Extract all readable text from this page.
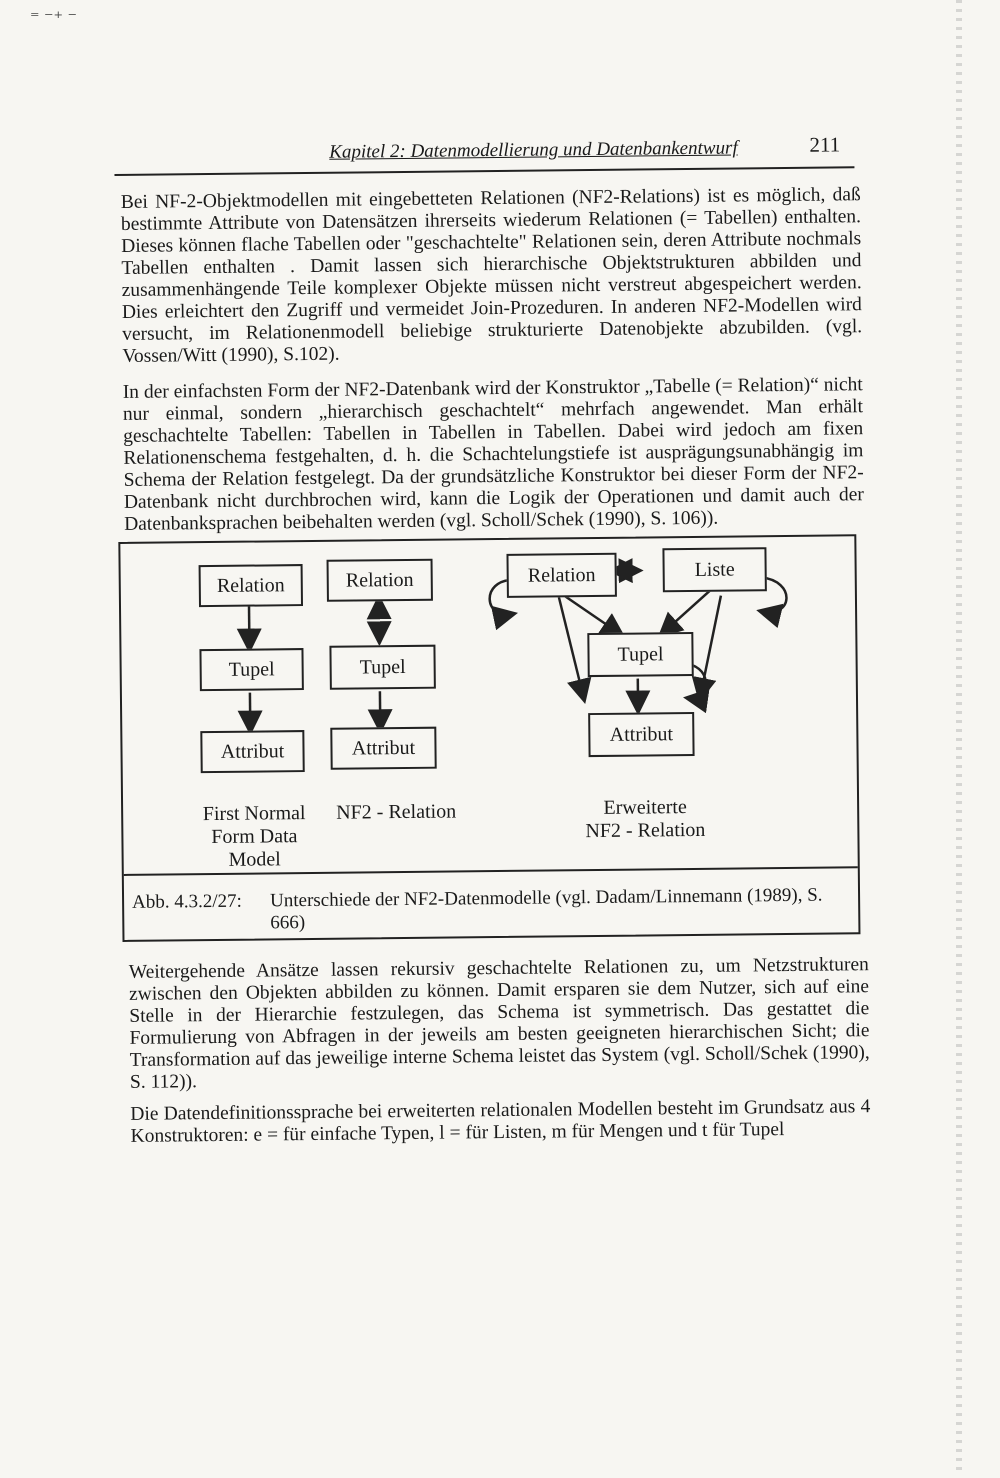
⁼ ⁻⁺ ⁻
Kapitel 2: Datenmodellierung und Datenbankentwurf	211

Bei NF-2-Objektmodellen mit eingebetteten Relationen (NF2-Relations) ist es möglich, daß bestimmte Attribute von Datensätzen ihrerseits wiederum Relationen (= Tabellen) enthalten. Dieses können flache Tabellen oder "geschachtelte" Relationen sein, deren Attribute nochmals Tabellen enthalten . Damit lassen sich hierarchische Objektstrukturen abbilden und zusammenhängende Teile komplexer Objekte müssen nicht verstreut abgespeichert werden. Dies erleichtert den Zugriff und vermeidet Join-Prozeduren. In anderen NF2-Modellen wird versucht, im Relationenmodell beliebige strukturierte Datenobjekte abzubilden. (vgl. Vossen/Witt (1990), S.102).

In der einfachsten Form der NF2-Datenbank wird der Konstruktor „Tabelle (= Relation)“ nicht nur einmal, sondern „hierarchisch geschachtelt“ mehrfach angewendet. Man erhält geschachtelte Tabellen: Tabellen in Tabellen in Tabellen. Dabei wird jedoch am fixen Relationenschema festgehalten, d. h. die Schachtelungstiefe ist ausprägungsunabhängig im Schema der Relation festgelegt. Da der grundsätzliche Konstruktor bei dieser Form der NF2-Datenbank nicht durchbrochen wird, kann die Logik der Operationen und damit auch der Datenbanksprachen beibehalten werden (vgl. Scholl/Schek (1990), S. 106)).

Relation
Tupel
Attribut
Relation
Tupel
Attribut
Relation	Liste
Tupel
Attribut
First Normal
Form Data
Model
NF2 - Relation	Erweiterte
NF2 - Relation
Abb. 4.3.2/27: Unterschiede der NF2-Datenmodelle (vgl. Dadam/Linnemann (1989), S. 666)

Weitergehende Ansätze lassen rekursiv geschachtelte Relationen zu, um Netzstrukturen zwischen den Objekten abbilden zu können. Damit ersparen sie dem Nutzer, sich auf eine Stelle in der Hierarchie festzulegen, das Schema ist symmetrisch. Das gestattet die Formulierung von Abfragen in der jeweils am besten geeigneten hierarchischen Sicht; die Transformation auf das jeweilige interne Schema leistet das System (vgl. Scholl/Schek (1990), S. 112)).

Die Datendefinitionssprache bei erweiterten relationalen Modellen besteht im Grundsatz aus 4 Konstruktoren: e = für einfache Typen, l = für Listen, m für Mengen und t für Tupel
